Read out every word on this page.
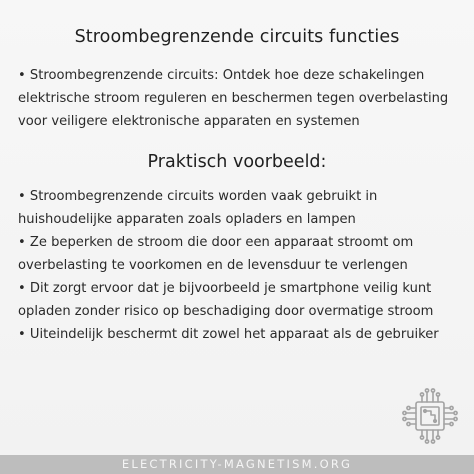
Stroombegrenzende circuits functies
• Stroombegrenzende circuits: Ontdek hoe deze schakelingen elektrische stroom reguleren en beschermen tegen overbelasting voor veiligere elektronische apparaten en systemen
Praktisch voorbeeld:

• Stroombegrenzende circuits worden vaak gebruikt in huishoudelijke apparaten zoals opladers en lampen

• Ze beperken de stroom die door een apparaat stroomt om overbelasting te voorkomen en de levensduur te verlengen

• Dit zorgt ervoor dat je bijvoorbeeld je smartphone veilig kunt opladen zonder risico op beschadiging door overmatige stroom

• Uiteindelijk beschermt dit zowel het apparaat als de gebruiker

ELECTRICITY-MAGNETISM.ORG
